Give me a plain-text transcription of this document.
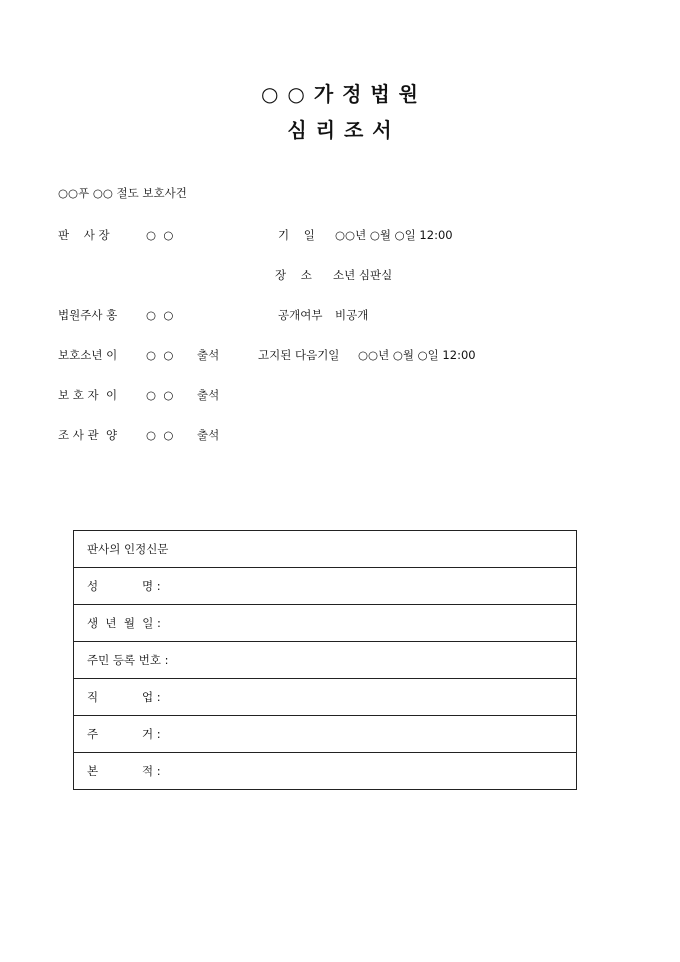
○ ○ 가 정 법 원
심 리 조 서
○○푸 ○○ 절도 보호사건
판    사 장	○  ○	기    일 ○○년 ○월 ○일 12:00
장    소 소년 심판실
법원주사 홍	○  ○	공개여부 비공개
보호소년 이	○  ○ 출석	고지된 다음기일 ○○년 ○월 ○일 12:00
보 호 자  이	○  ○ 출석
조 사 관  양	○  ○ 출석
판사의 인정신문
성            명 :
생  년  월  일 :
주민 등록 번호 :
직            업 :
주            거 :
본            적 :
